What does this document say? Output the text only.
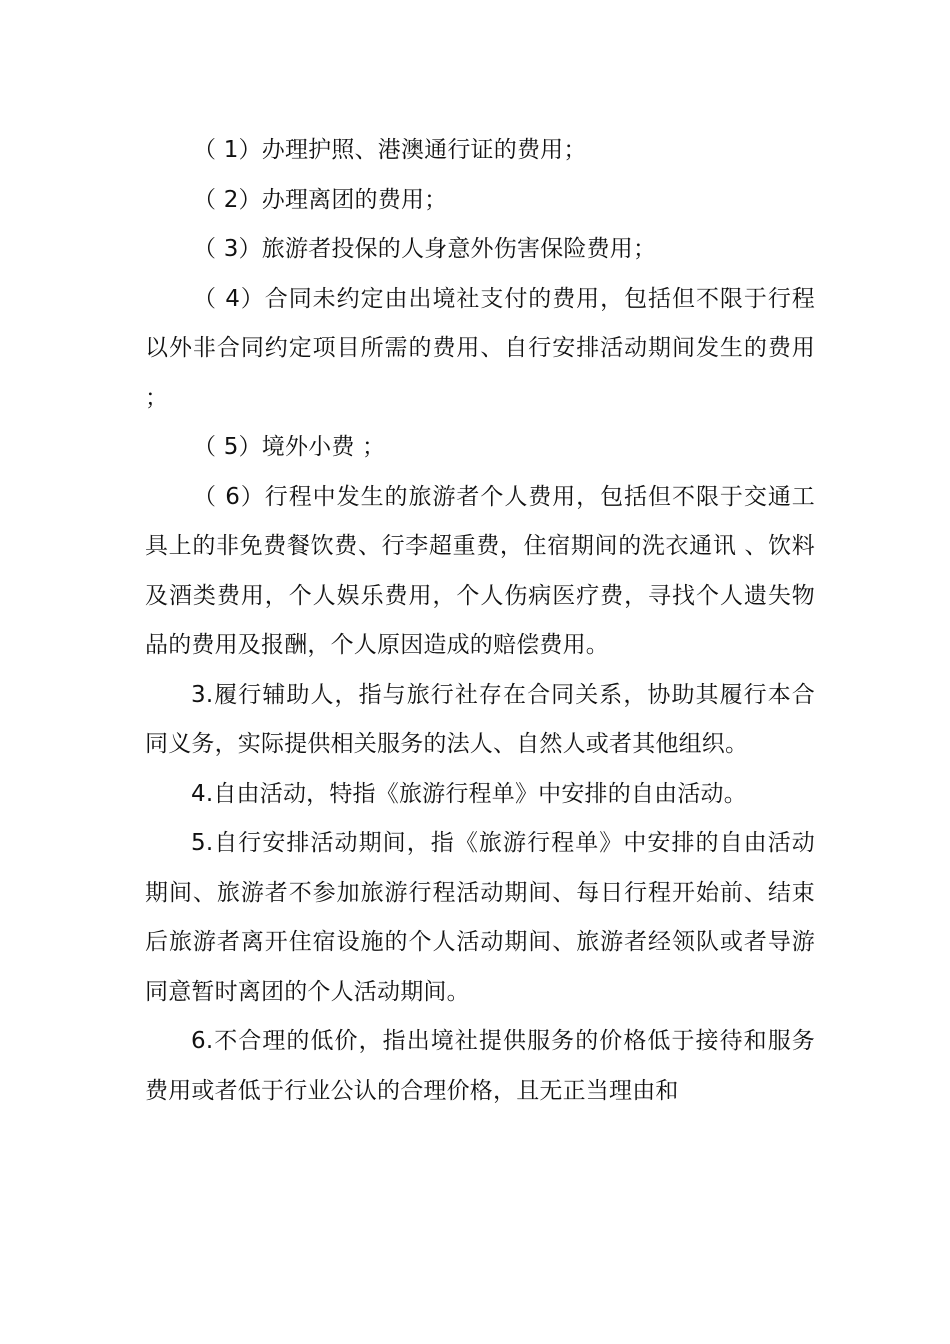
（ 1）办理护照、港澳通行证的费用；

（ 2）办理离团的费用；

（ 3）旅游者投保的人身意外伤害保险费用；

（ 4）合同未约定由出境社支付的费用，包括但不限于行程以外非合同约定项目所需的费用、自行安排活动期间发生的费用 ；

（ 5）境外小费 ；

（ 6）行程中发生的旅游者个人费用，包括但不限于交通工具上的非免费餐饮费、行李超重费，住宿期间的洗衣通讯 、饮料及酒类费用，个人娱乐费用，个人伤病医疗费，寻找个人遗失物品的费用及报酬，个人原因造成的赔偿费用。

3.履行辅助人，指与旅行社存在合同关系，协助其履行本合同义务，实际提供相关服务的法人、自然人或者其他组织。

4.自由活动，特指《旅游行程单》中安排的自由活动。

5.自行安排活动期间，指《旅游行程单》中安排的自由活动期间、旅游者不参加旅游行程活动期间、每日行程开始前、结束后旅游者离开住宿设施的个人活动期间、旅游者经领队或者导游同意暂时离团的个人活动期间。

6.不合理的低价，指出境社提供服务的价格低于接待和服务费用或者低于行业公认的合理价格，且无正当理由和
